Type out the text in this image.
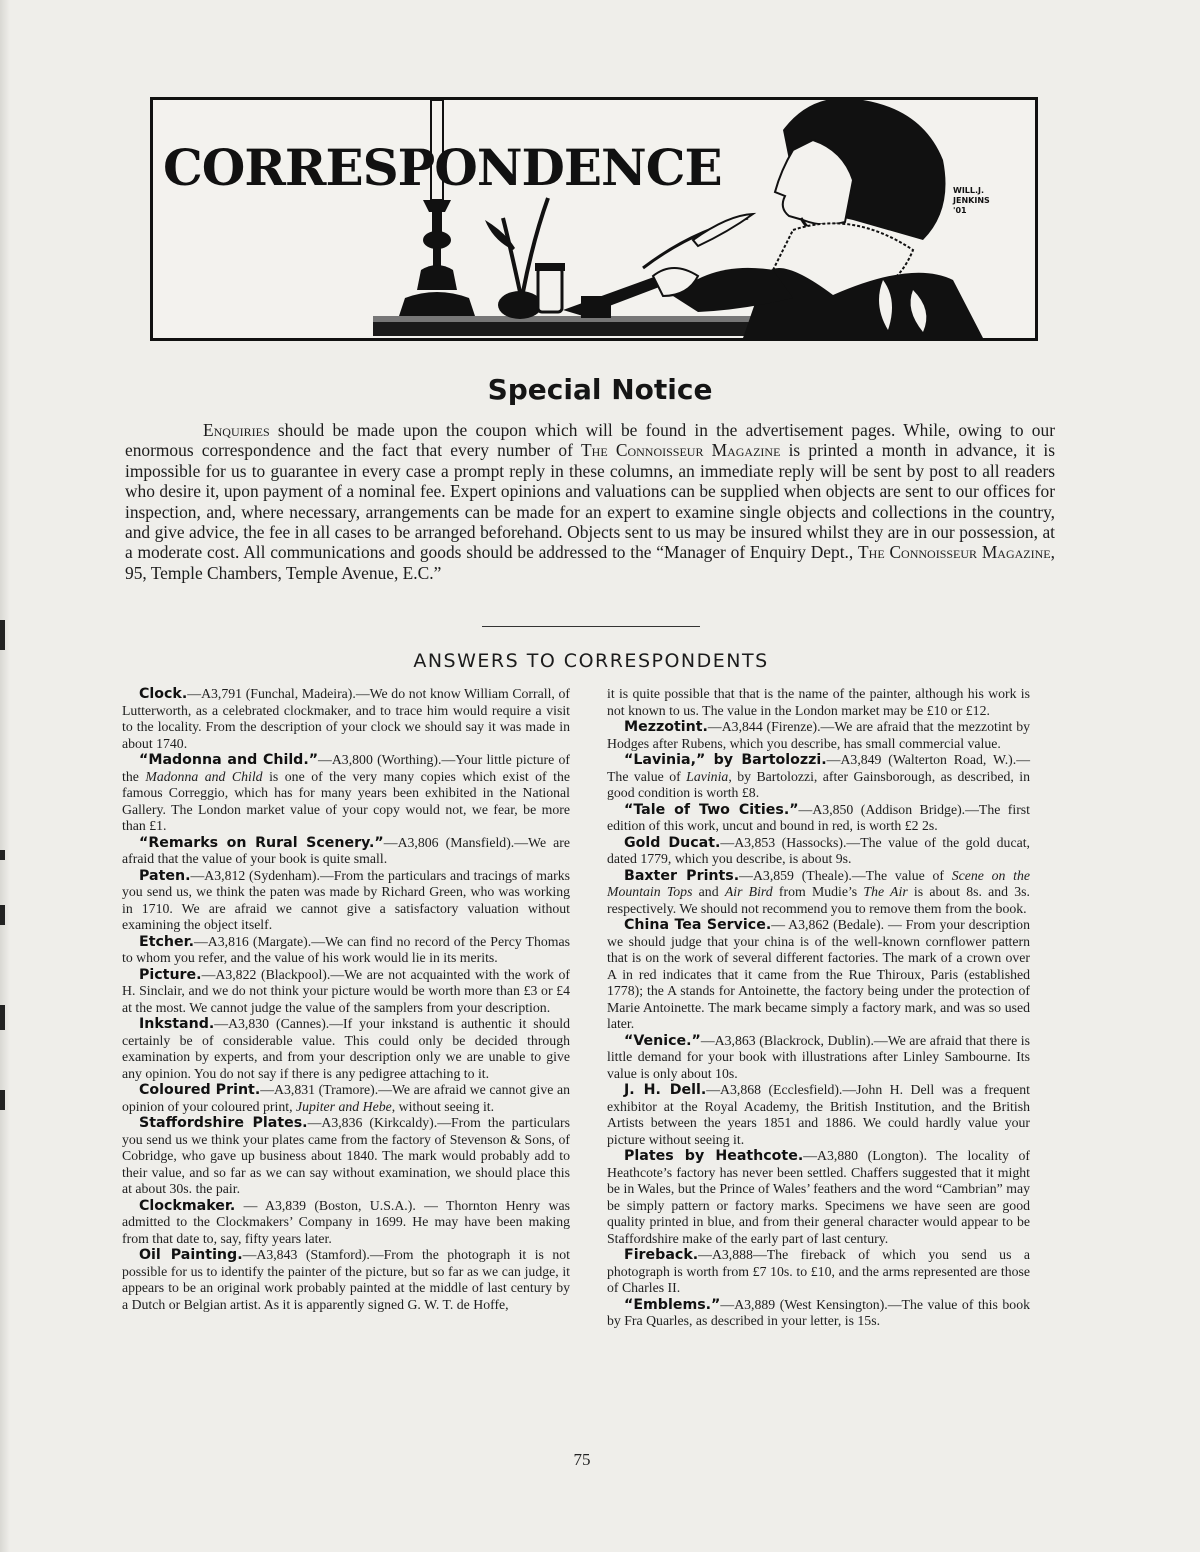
CORRESPONDENCE	WILL.J.
JENKINS
'01
Special Notice

Enquiries should be made upon the coupon which will be found in the advertisement pages. While, owing to our enormous correspondence and the fact that every number of The Connoisseur Magazine is printed a month in advance, it is impossible for us to guarantee in every case a prompt reply in these columns, an immediate reply will be sent by post to all readers who desire it, upon payment of a nominal fee. Expert opinions and valuations can be supplied when objects are sent to our offices for inspection, and, where necessary, arrangements can be made for an expert to examine single objects and collections in the country, and give advice, the fee in all cases to be arranged beforehand. Objects sent to us may be insured whilst they are in our possession, at a moderate cost. All communications and goods should be addressed to the “Manager of Enquiry Dept., The Connoisseur Magazine, 95, Temple Chambers, Temple Avenue, E.C.”

ANSWERS TO CORRESPONDENTS

Clock.—A3,791 (Funchal, Madeira).—We do not know William Corrall, of Lutterworth, as a celebrated clockmaker, and to trace him would require a visit to the locality. From the description of your clock we should say it was made in about 1740.

“Madonna and Child.”—A3,800 (Worthing).—Your little picture of the Madonna and Child is one of the very many copies which exist of the famous Correggio, which has for many years been exhibited in the National Gallery. The London market value of your copy would not, we fear, be more than £1.

“Remarks on Rural Scenery.”—A3,806 (Mansfield).—We are afraid that the value of your book is quite small.

Paten.—A3,812 (Sydenham).—From the particulars and tracings of marks you send us, we think the paten was made by Richard Green, who was working in 1710. We are afraid we cannot give a satisfactory valuation without examining the object itself.

Etcher.—A3,816 (Margate).—We can find no record of the Percy Thomas to whom you refer, and the value of his work would lie in its merits.

Picture.—A3,822 (Blackpool).—We are not acquainted with the work of H. Sinclair, and we do not think your picture would be worth more than £3 or £4 at the most. We cannot judge the value of the samplers from your description.

Inkstand.—A3,830 (Cannes).—If your inkstand is authentic it should certainly be of considerable value. This could only be decided through examination by experts, and from your description only we are unable to give any opinion. You do not say if there is any pedigree attaching to it.

Coloured Print.—A3,831 (Tramore).—We are afraid we cannot give an opinion of your coloured print, Jupiter and Hebe, without seeing it.

Staffordshire Plates.—A3,836 (Kirkcaldy).—From the particulars you send us we think your plates came from the factory of Stevenson & Sons, of Cobridge, who gave up business about 1840. The mark would probably add to their value, and so far as we can say without examination, we should place this at about 30s. the pair.

Clockmaker. — A3,839 (Boston, U.S.A.). — Thornton Henry was admitted to the Clockmakers’ Company in 1699. He may have been making from that date to, say, fifty years later.

Oil Painting.—A3,843 (Stamford).—From the photograph it is not possible for us to identify the painter of the picture, but so far as we can judge, it appears to be an original work probably painted at the middle of last century by a Dutch or Belgian artist. As it is apparently signed G. W. T. de Hoffe,

it is quite possible that that is the name of the painter, although his work is not known to us. The value in the London market may be £10 or £12.

Mezzotint.—A3,844 (Firenze).—We are afraid that the mezzotint by Hodges after Rubens, which you describe, has small commercial value.

“Lavinia,” by Bartolozzi.—A3,849 (Walterton Road, W.).—The value of Lavinia, by Bartolozzi, after Gainsborough, as described, in good condition is worth £8.

“Tale of Two Cities.”—A3,850 (Addison Bridge).—The first edition of this work, uncut and bound in red, is worth £2 2s.

Gold Ducat.—A3,853 (Hassocks).—The value of the gold ducat, dated 1779, which you describe, is about 9s.

Baxter Prints.—A3,859 (Theale).—The value of Scene on the Mountain Tops and Air Bird from Mudie’s The Air is about 8s. and 3s. respectively. We should not recommend you to remove them from the book.

China Tea Service.— A3,862 (Bedale). — From your description we should judge that your china is of the well-known cornflower pattern that is on the work of several different factories. The mark of a crown over A in red indicates that it came from the Rue Thiroux, Paris (established 1778); the A stands for Antoinette, the factory being under the protection of Marie Antoinette. The mark became simply a factory mark, and was so used later.

“Venice.”—A3,863 (Blackrock, Dublin).—We are afraid that there is little demand for your book with illustrations after Linley Sambourne. Its value is only about 10s.

J. H. Dell.—A3,868 (Ecclesfield).—John H. Dell was a frequent exhibitor at the Royal Academy, the British Institution, and the British Artists between the years 1851 and 1886. We could hardly value your picture without seeing it.

Plates by Heathcote.—A3,880 (Longton). The locality of Heathcote’s factory has never been settled. Chaffers suggested that it might be in Wales, but the Prince of Wales’ feathers and the word “Cambrian” may be simply pattern or factory marks. Specimens we have seen are good quality printed in blue, and from their general character would appear to be Staffordshire make of the early part of last century.

Fireback.—A3,888—The fireback of which you send us a photograph is worth from £7 10s. to £10, and the arms represented are those of Charles II.

“Emblems.”—A3,889 (West Kensington).—The value of this book by Fra Quarles, as described in your letter, is 15s.

75
